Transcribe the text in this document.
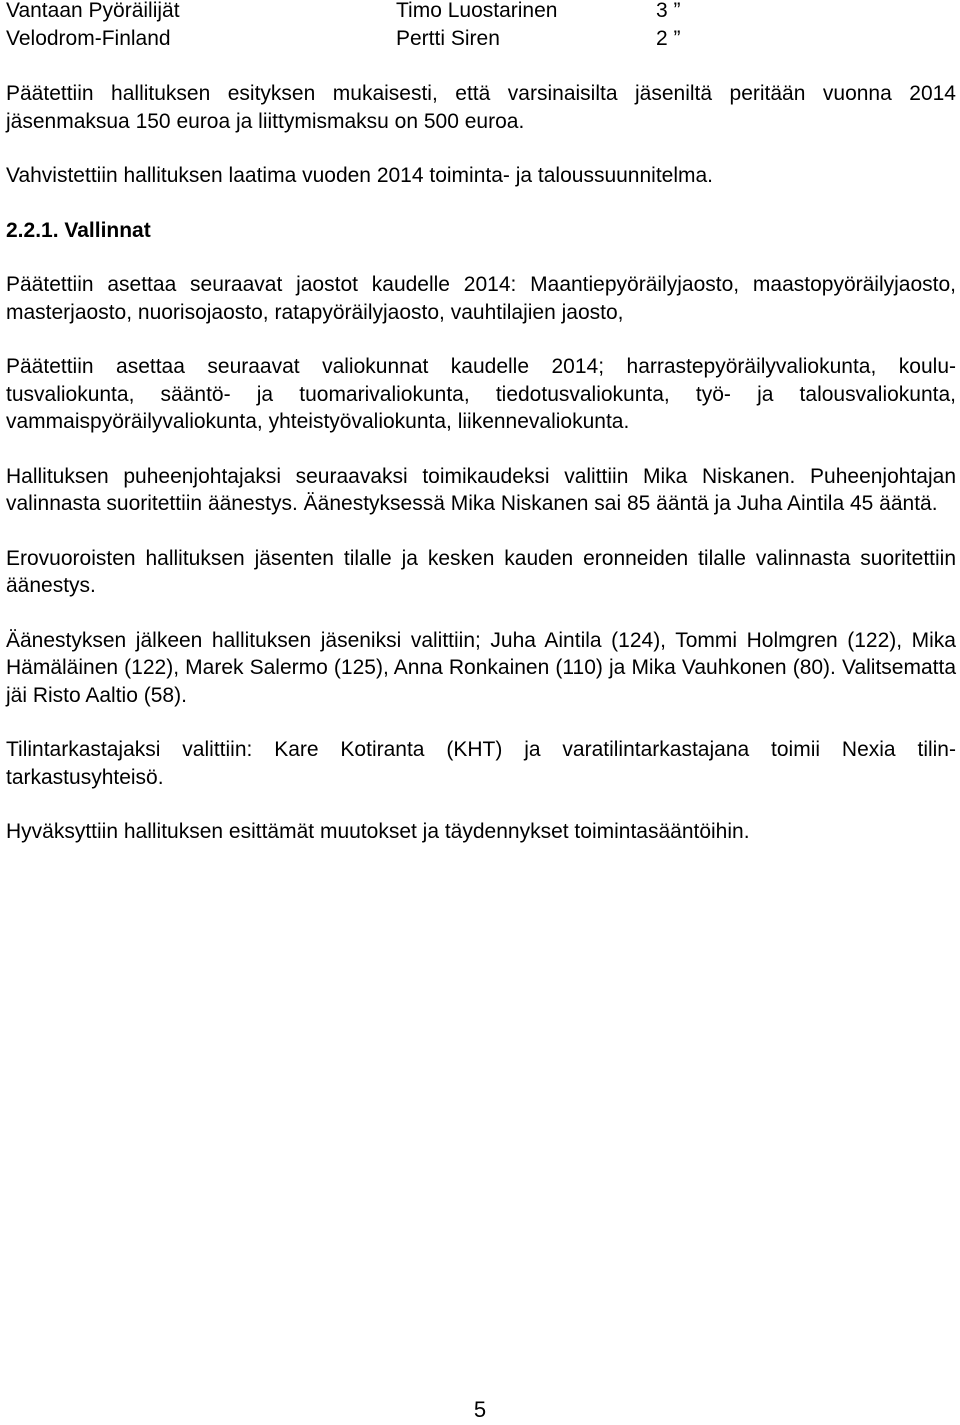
Vantaan Pyöräilijät	Timo Luostarinen	3 ”
Velodrom-Finland	Pertti Siren	2 ”

Päätettiin hallituksen esityksen mukaisesti, että varsinaisilta jäseniltä peritään vuonna 2014 jäsenmaksua 150 euroa ja liittymismaksu on 500 euroa.

Vahvistettiin hallituksen laatima vuoden 2014 toiminta- ja taloussuunnitelma.

2.2.1. Vallinnat

Päätettiin asettaa seuraavat jaostot kaudelle 2014: Maantiepyöräilyjaosto, maastopyöräilyjaosto, masterjaosto, nuorisojaosto, ratapyöräilyjaosto, vauhtilajien jaosto,

Päätettiin asettaa seuraavat valiokunnat kaudelle 2014; harrastepyöräilyvaliokunta, koulutusvaliokunta, sääntö- ja tuomarivaliokunta, tiedotusvaliokunta, työ- ja talousvaliokunta, vammaispyöräilyvaliokunta, yhteistyövaliokunta, liikennevaliokunta.

Hallituksen puheenjohtajaksi seuraavaksi toimikaudeksi valittiin Mika Niskanen. Puheenjohtajan valinnasta suoritettiin äänestys. Äänestyksessä Mika Niskanen sai 85 ääntä ja Juha Aintila 45 ääntä.

Erovuoroisten hallituksen jäsenten tilalle ja kesken kauden eronneiden tilalle valinnasta suoritettiin äänestys.

Äänestyksen jälkeen hallituksen jäseniksi valittiin; Juha Aintila (124), Tommi Holmgren (122), Mika Hämäläinen (122), Marek Salermo (125), Anna Ronkainen (110) ja Mika Vauhkonen (80). Valitsematta jäi Risto Aaltio (58).

Tilintarkastajaksi valittiin: Kare Kotiranta (KHT) ja varatilintarkastajana toimii Nexia tilintarkastusyhteisö.

Hyväksyttiin hallituksen esittämät muutokset ja täydennykset toimintasääntöihin.

5
